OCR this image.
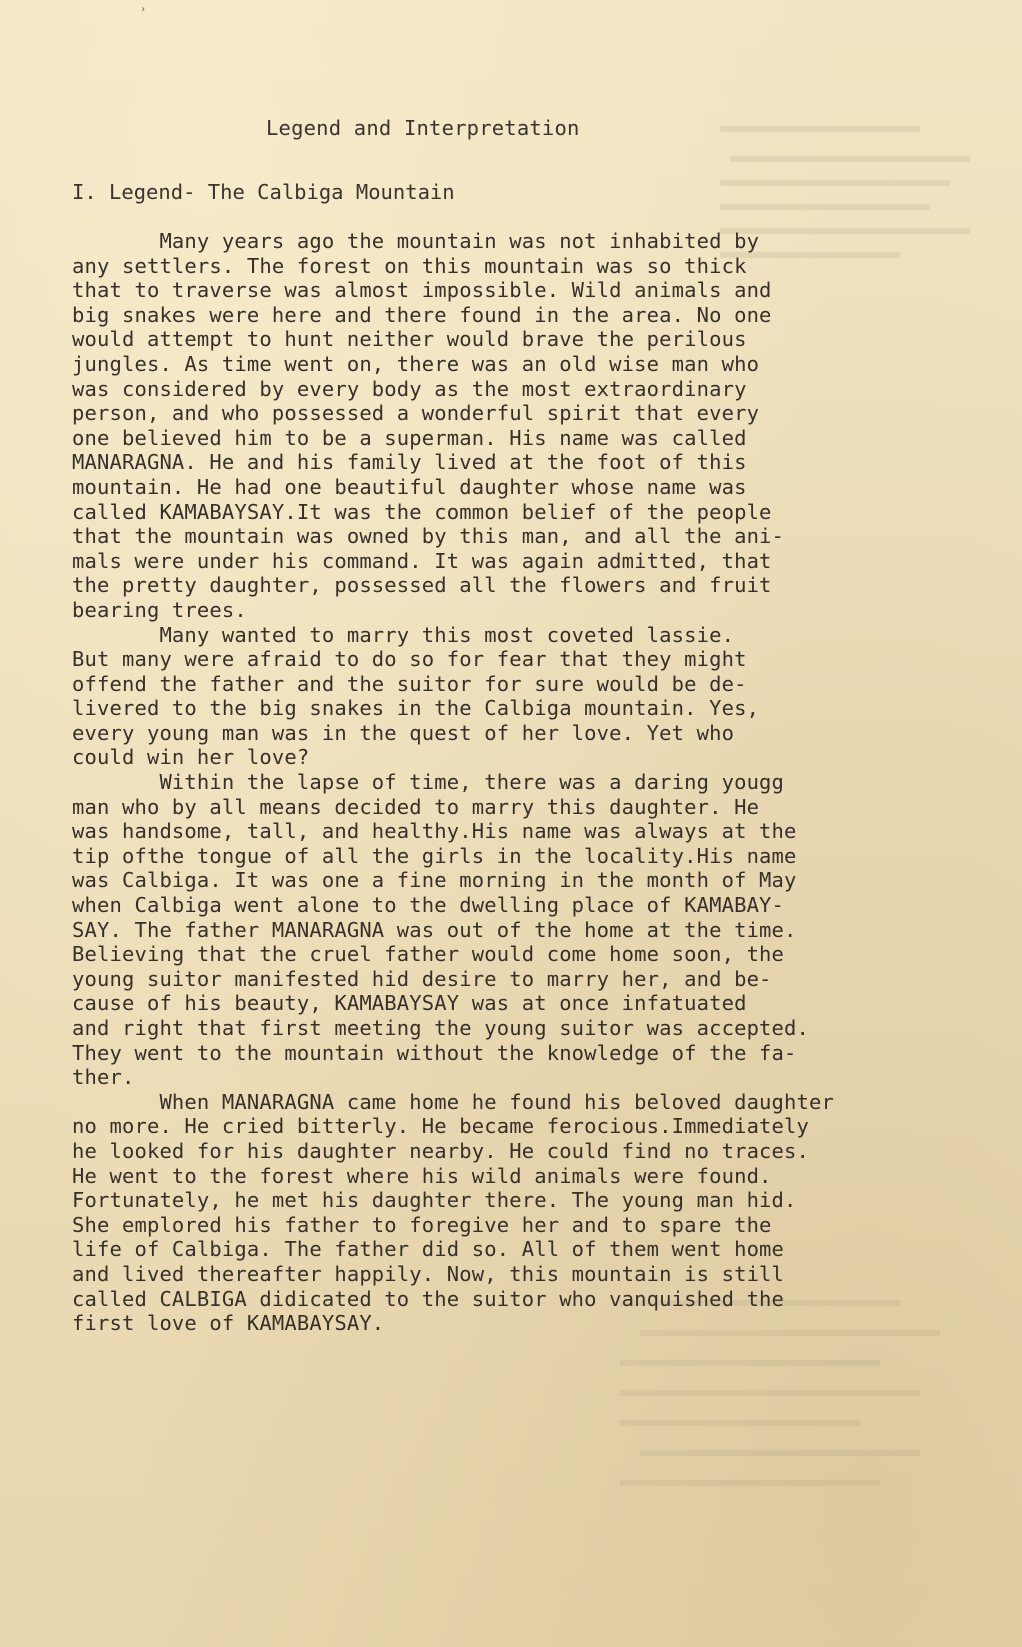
›
Legend and Interpretation
I. Legend- The Calbiga Mountain
Many years ago the mountain was not inhabited by
any settlers. The forest on this mountain was so thick
that to traverse was almost impossible. Wild animals and
big snakes were here and there found in the area. No one
would attempt to hunt neither would brave the perilous
jungles. As time went on, there was an old wise man who
was considered by every body as the most extraordinary
person, and who possessed a wonderful spirit that every
one believed him to be a superman. His name was called
MANARAGNA. He and his family lived at the foot of this
mountain. He had one beautiful daughter whose name was
called KAMABAYSAY.It was the common belief of the people
that the mountain was owned by this man, and all the ani-
mals were under his command. It was again admitted, that
the pretty daughter, possessed all the flowers and fruit
bearing trees.
Many wanted to marry this most coveted lassie.
But many were afraid to do so for fear that they might
offend the father and the suitor for sure would be de-
livered to the big snakes in the Calbiga mountain. Yes,
every young man was in the quest of her love. Yet who
could win her love?
Within the lapse of time, there was a daring yougg
man who by all means decided to marry this daughter. He
was handsome, tall, and healthy.His name was always at the
tip ofthe tongue of all the girls in the locality.His name
was Calbiga. It was one a fine morning in the month of May
when Calbiga went alone to the dwelling place of KAMABAY-
SAY. The father MANARAGNA was out of the home at the time.
Believing that the cruel father would come home soon, the
young suitor manifested hid desire to marry her, and be-
cause of his beauty, KAMABAYSAY was at once infatuated
and right that first meeting the young suitor was accepted.
They went to the mountain without the knowledge of the fa-
ther.
When MANARAGNA came home he found his beloved daughter
no more. He cried bitterly. He became ferocious.Immediately
he looked for his daughter nearby. He could find no traces.
He went to the forest where his wild animals were found.
Fortunately, he met his daughter there. The young man hid.
She emplored his father to foregive her and to spare the
life of Calbiga. The father did so. All of them went home
and lived thereafter happily. Now, this mountain is still
called CALBIGA didicated to the suitor who vanquished the
first love of KAMABAYSAY.
